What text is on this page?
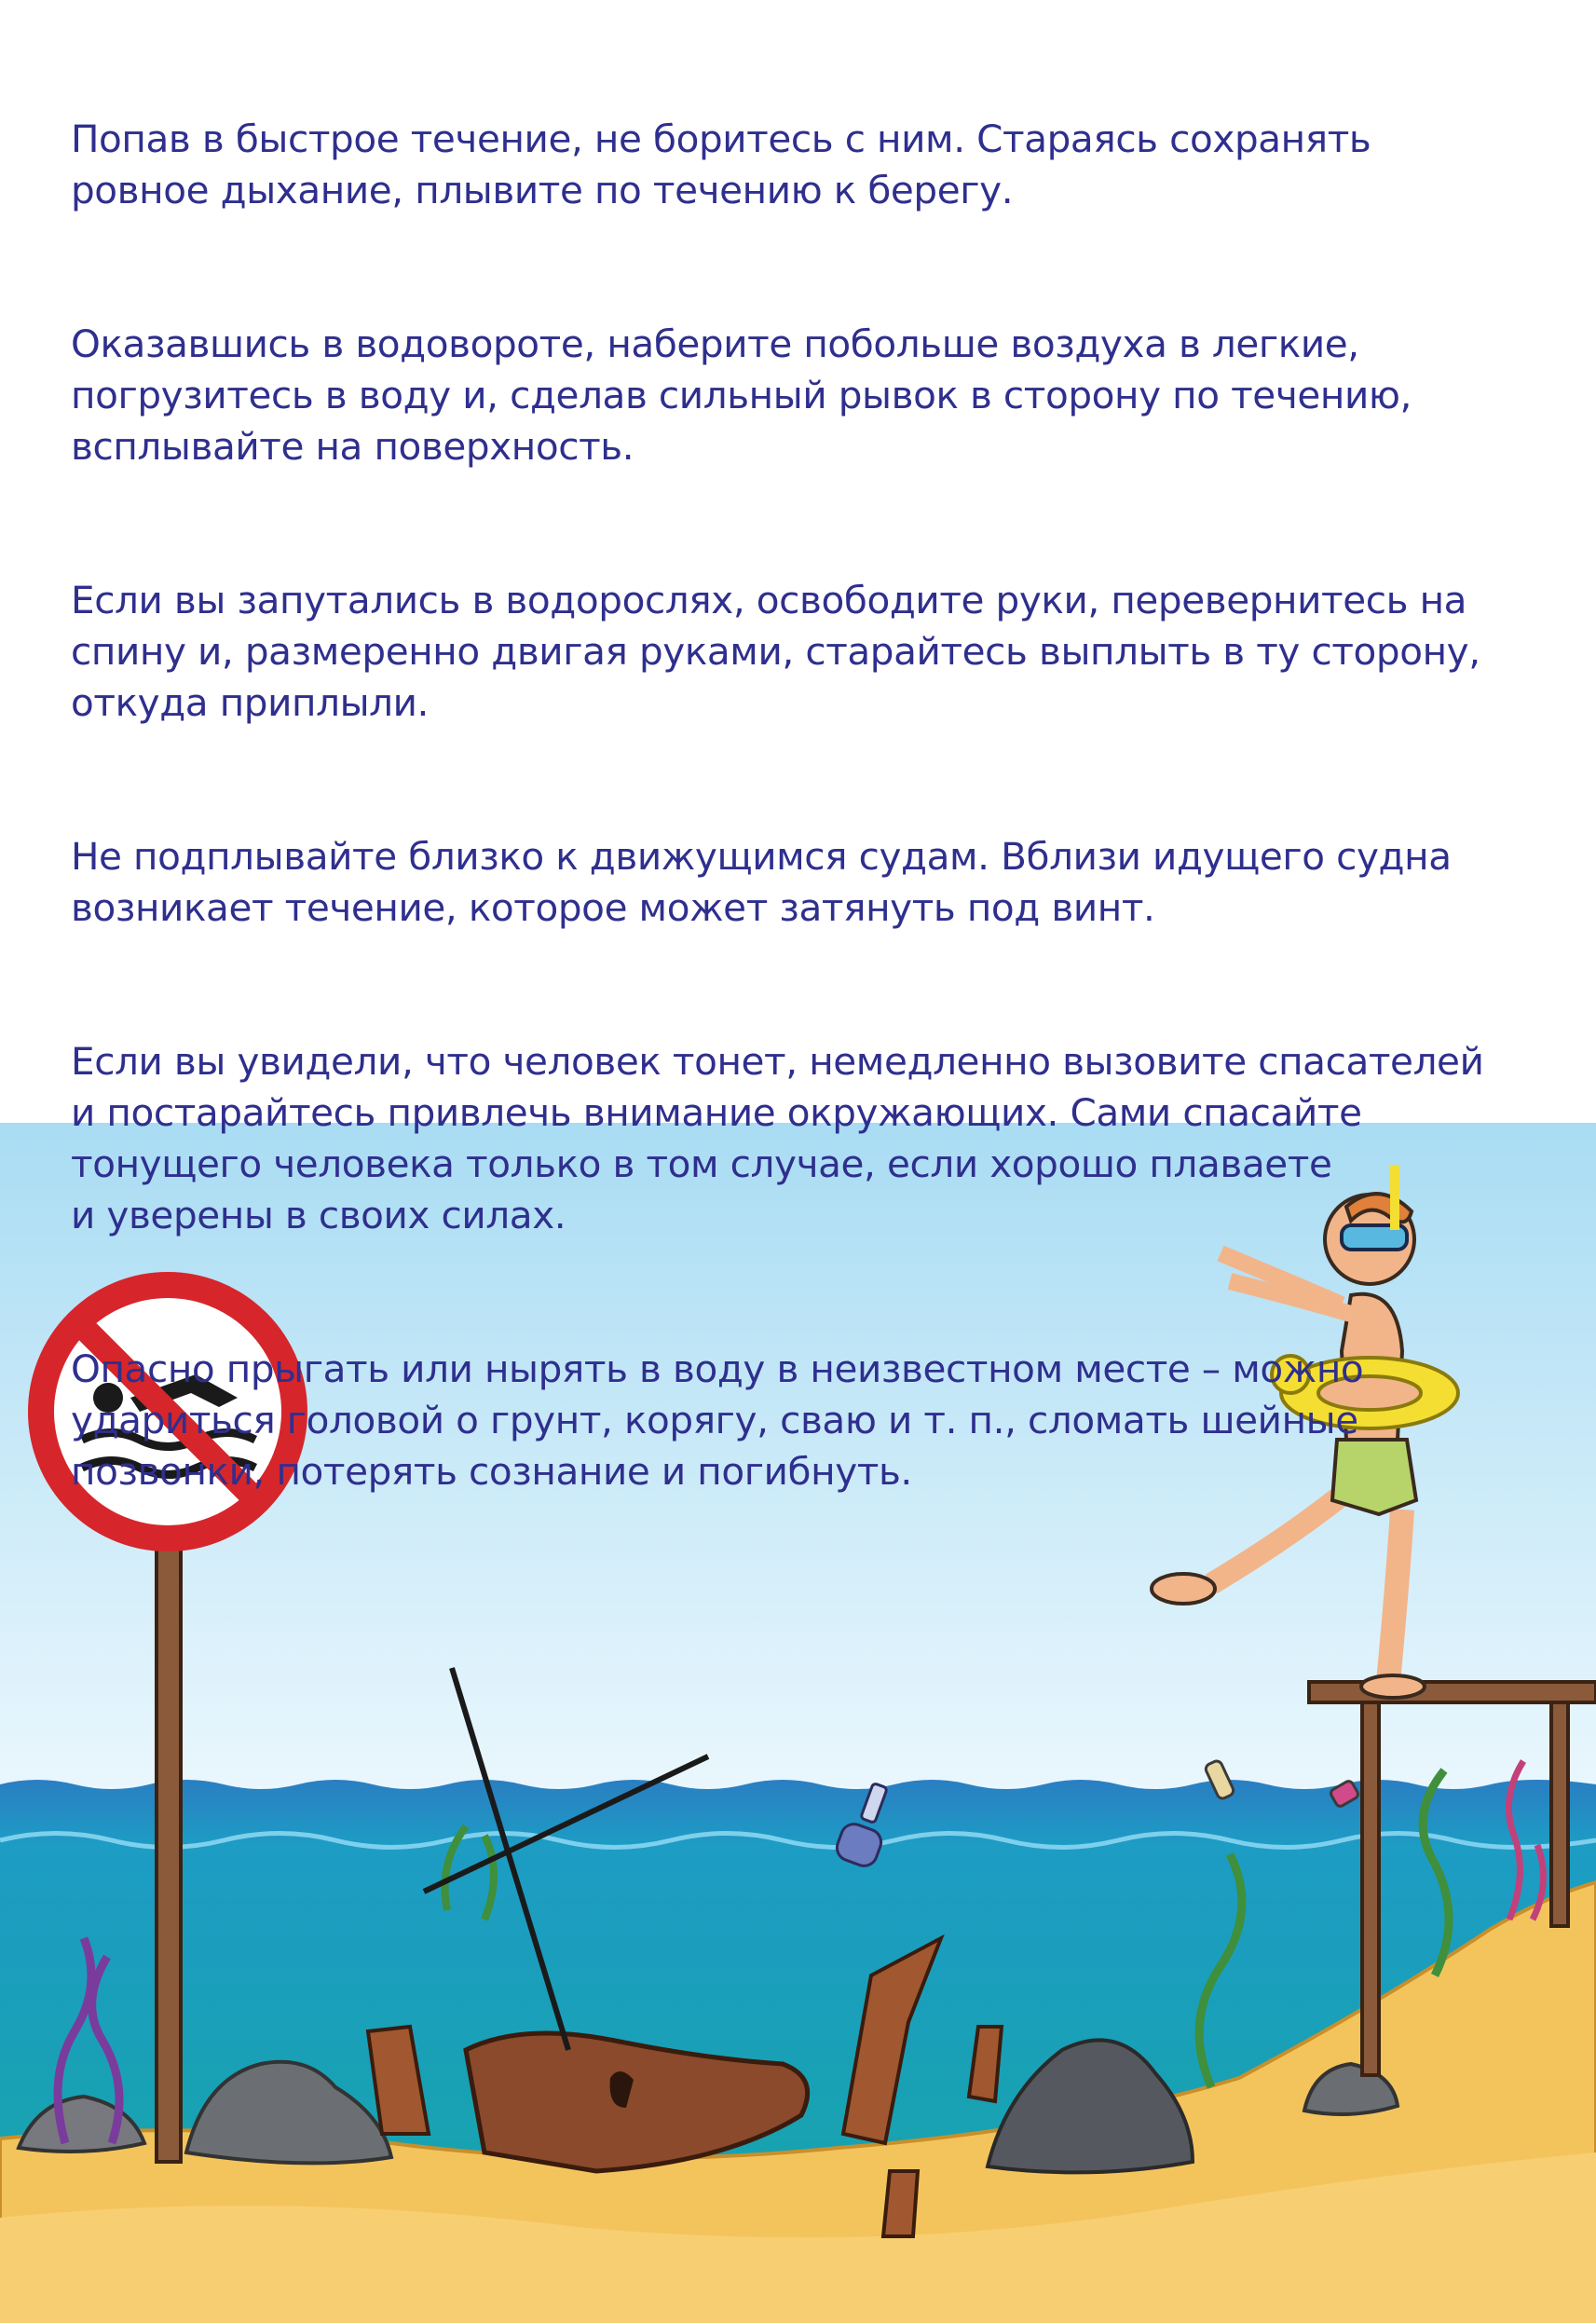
Попав в быстрое течение, не боритесь с ним. Стараясь сохранять
ровное дыхание, плывите по течению к берегу.

Оказавшись в водовороте, наберите побольше воздуха в легкие,
погрузитесь в воду и, сделав сильный рывок в сторону по течению,
всплывайте на поверхность.

Если вы запутались в водорослях, освободите руки, перевернитесь на
спину и, размеренно двигая руками, старайтесь выплыть в ту сторону,
откуда приплыли.

Не подплывайте близко к движущимся судам. Вблизи идущего судна
возникает течение, которое может затянуть под винт.

Если вы увидели, что человек тонет, немедленно вызовите спасателей
и постарайтесь привлечь внимание окружающих. Сами спасайте
тонущего человека только в том случае, если хорошо плаваете
и уверены в своих силах.

Опасно прыгать или нырять в воду в неизвестном месте – можно
удариться головой о грунт, корягу, сваю и т. п., сломать шейные
позвонки, потерять сознание и погибнуть.
